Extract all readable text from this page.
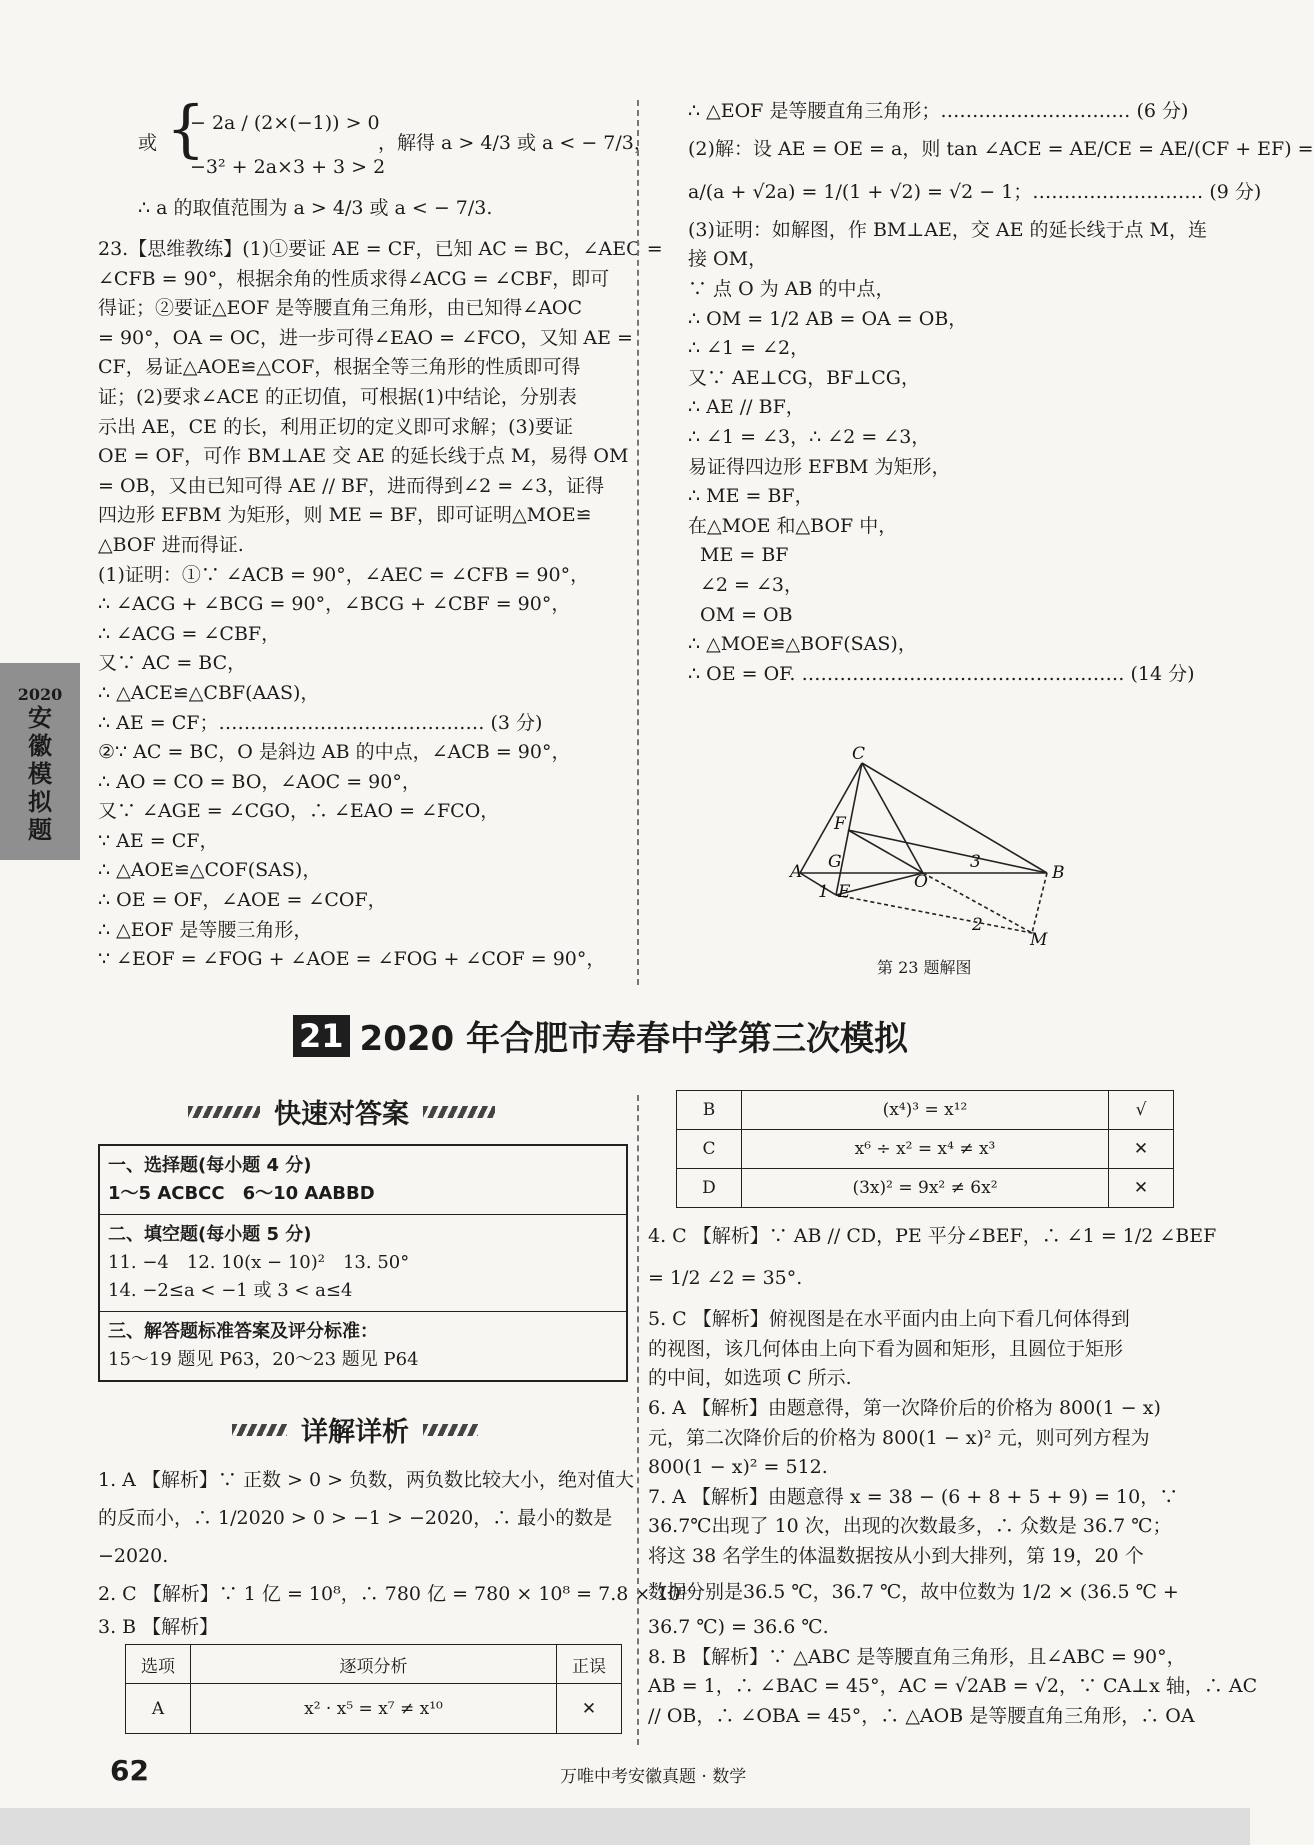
2020
安
徽
模
拟
题
或 {
− 2a / (2×(−1)) > 0
−3² + 2a×3 + 3 > 2
，解得 a > 4/3 或 a < − 7/3，
∴ a 的取值范围为 a > 4/3 或 a < − 7/3.

23.【思维教练】(1)①要证 AE = CF，已知 AC = BC，∠AEC =

∠CFB = 90°，根据余角的性质求得∠ACG = ∠CBF，即可

得证；②要证△EOF 是等腰直角三角形，由已知得∠AOC

= 90°，OA = OC，进一步可得∠EAO = ∠FCO，又知 AE =

CF，易证△AOE≌△COF，根据全等三角形的性质即可得

证；(2)要求∠ACE 的正切值，可根据(1)中结论，分别表

示出 AE，CE 的长，利用正切的定义即可求解；(3)要证

OE = OF，可作 BM⊥AE 交 AE 的延长线于点 M，易得 OM

= OB，又由已知可得 AE // BF，进而得到∠2 = ∠3，证得

四边形 EFBM 为矩形，则 ME = BF，即可证明△MOE≌

△BOF 进而得证.

(1)证明：①∵ ∠ACB = 90°，∠AEC = ∠CFB = 90°，

∴ ∠ACG + ∠BCG = 90°，∠BCG + ∠CBF = 90°，

∴ ∠ACG = ∠CBF，

又∵ AC = BC，

∴ △ACE≌△CBF(AAS)，

∴ AE = CF；…………………………………… (3 分)

②∵ AC = BC，O 是斜边 AB 的中点，∠ACB = 90°，

∴ AO = CO = BO，∠AOC = 90°，

又∵ ∠AGE = ∠CGO，∴ ∠EAO = ∠FCO，

∵ AE = CF，

∴ △AOE≌△COF(SAS)，

∴ OE = OF，∠AOE = ∠COF，

∴ △EOF 是等腰三角形，

∵ ∠EOF = ∠FOG + ∠AOE = ∠FOG + ∠COF = 90°，

∴ △EOF 是等腰直角三角形；………………………… (6 分)

(2)解：设 AE = OE = a，则 tan ∠ACE = AE/CE = AE/(CF + EF) =

a/(a + √2a) = 1/(1 + √2) = √2 − 1；……………………… (9 分)

(3)证明：如解图，作 BM⊥AE，交 AE 的延长线于点 M，连

接 OM，

∵ 点 O 为 AB 的中点，

∴ OM = 1/2 AB = OA = OB，

∴ ∠1 = ∠2，

又∵ AE⊥CG，BF⊥CG，

∴ AE // BF，

∴ ∠1 = ∠3，∴ ∠2 = ∠3，

易证得四边形 EFBM 为矩形，

∴ ME = BF，

在△MOE 和△BOF 中，

ME = BF

∠2 = ∠3，

OM = OB

∴ △MOE≌△BOF(SAS)，

∴ OE = OF. …………………………………………… (14 分)

C
F
G
A
E
1	O
3
B
2
M
第 23 题解图
21 2020 年合肥市寿春中学第三次模拟
快速对答案
一、选择题(每小题 4 分)
1～5 ACBCC　6～10 AABBD
二、填空题(每小题 5 分)
11. −4　12. 10(x − 10)²　13. 50°
14. −2≤a < −1 或 3 < a≤4
三、解答题标准答案及评分标准：
15～19 题见 P63，20～23 题见 P64
详解详析

1. A 【解析】∵ 正数 > 0 > 负数，两负数比较大小，绝对值大

的反而小，∴ 1/2020 > 0 > −1 > −2020，∴ 最小的数是

−2020.

2. C 【解析】∵ 1 亿 = 10⁸，∴ 780 亿 = 780 × 10⁸ = 7.8 × 10¹⁰.

3. B 【解析】

选项	逐项分析	正误
A	x² · x⁵ = x⁷ ≠ x¹⁰	✕
B	(x⁴)³ = x¹²	√
C	x⁶ ÷ x² = x⁴ ≠ x³	✕
D	(3x)² = 9x² ≠ 6x²	✕

4. C 【解析】∵ AB // CD，PE 平分∠BEF，∴ ∠1 = 1/2 ∠BEF

= 1/2 ∠2 = 35°.

5. C 【解析】俯视图是在水平面内由上向下看几何体得到

的视图，该几何体由上向下看为圆和矩形，且圆位于矩形

的中间，如选项 C 所示.

6. A 【解析】由题意得，第一次降价后的价格为 800(1 − x)

元，第二次降价后的价格为 800(1 − x)² 元，则可列方程为

800(1 − x)² = 512.

7. A 【解析】由题意得 x = 38 − (6 + 8 + 5 + 9) = 10，∵

36.7℃出现了 10 次，出现的次数最多，∴ 众数是 36.7 ℃；

将这 38 名学生的体温数据按从小到大排列，第 19，20 个

数据分别是36.5 ℃，36.7 ℃，故中位数为 1/2 × (36.5 ℃ +

36.7 ℃) = 36.6 ℃.

8. B 【解析】∵ △ABC 是等腰直角三角形，且∠ABC = 90°，

AB = 1，∴ ∠BAC = 45°，AC = √2AB = √2，∵ CA⊥x 轴，∴ AC

// OB，∴ ∠OBA = 45°，∴ △AOB 是等腰直角三角形，∴ OA

62	万唯中考安徽真题 · 数学
